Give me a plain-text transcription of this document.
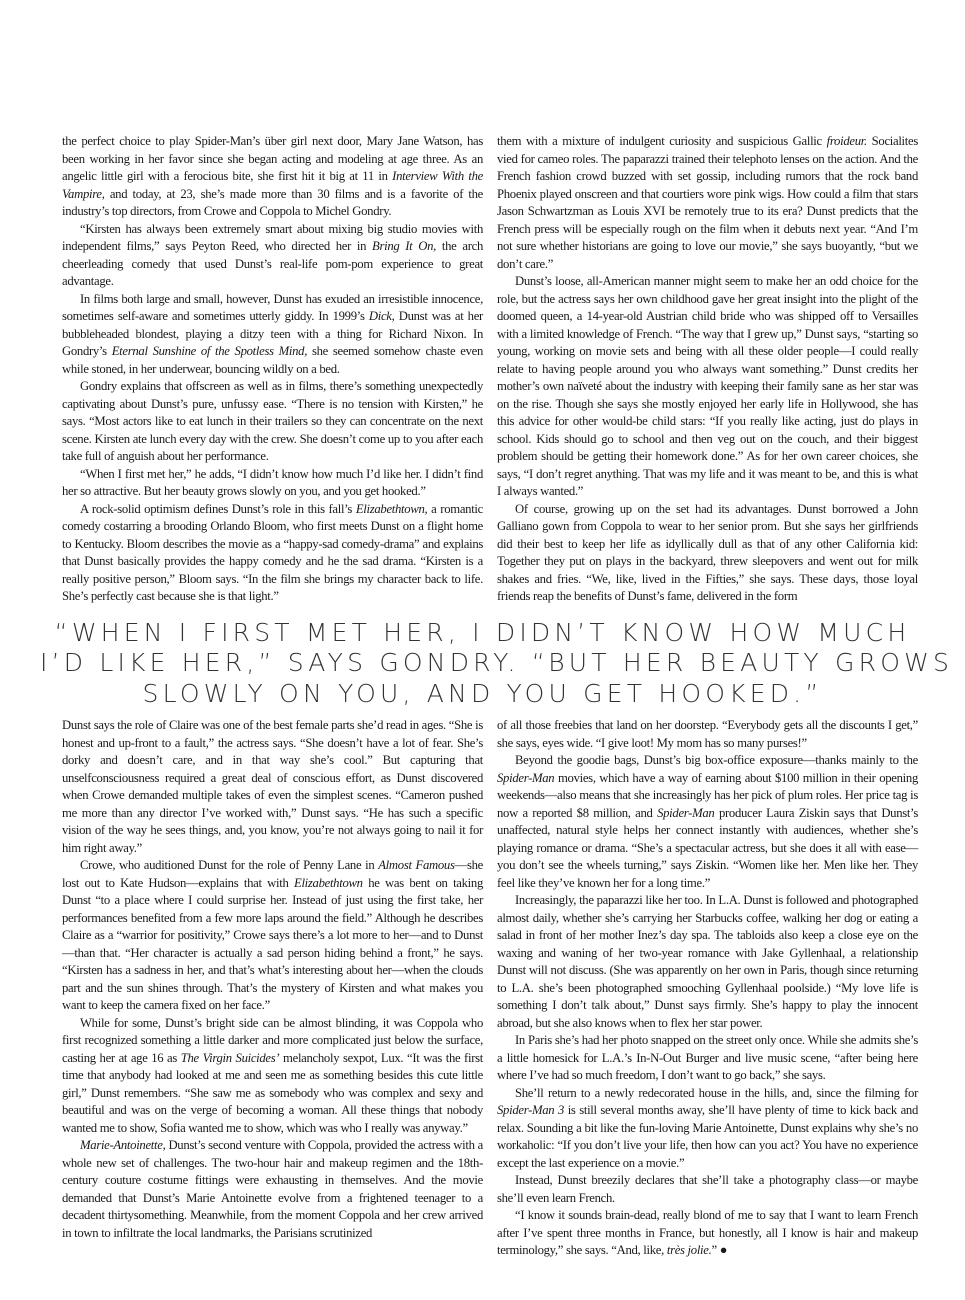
the perfect choice to play Spider-Man’s über girl next door, Mary Jane Watson, has been working in her favor since she began acting and modeling at age three. As an angelic little girl with a ferocious bite, she first hit it big at 11 in Interview With the Vampire, and today, at 23, she’s made more than 30 films and is a favorite of the industry’s top directors, from Crowe and Coppola to Michel Gondry.

“Kirsten has always been extremely smart about mixing big studio movies with independent films,” says Peyton Reed, who directed her in Bring It On, the arch cheerleading comedy that used Dunst’s real-life pom-pom experience to great advantage.

In films both large and small, however, Dunst has exuded an irresistible innocence, sometimes self-aware and sometimes utterly giddy. In 1999’s Dick, Dunst was at her bubbleheaded blondest, playing a ditzy teen with a thing for Richard Nixon. In Gondry’s Eternal Sunshine of the Spotless Mind, she seemed somehow chaste even while stoned, in her underwear, bouncing wildly on a bed.

Gondry explains that offscreen as well as in films, there’s something unexpectedly captivating about Dunst’s pure, unfussy ease. “There is no tension with Kirsten,” he says. “Most actors like to eat lunch in their trailers so they can concentrate on the next scene. Kirsten ate lunch every day with the crew. She doesn’t come up to you after each take full of anguish about her performance.

“When I first met her,” he adds, “I didn’t know how much I’d like her. I didn’t find her so attractive. But her beauty grows slowly on you, and you get hooked.”

A rock-solid optimism defines Dunst’s role in this fall’s Elizabethtown, a romantic comedy costarring a brooding Orlando Bloom, who first meets Dunst on a flight home to Kentucky. Bloom describes the movie as a “happy-sad comedy-drama” and explains that Dunst basically provides the happy comedy and he the sad drama. “Kirsten is a really positive person,” Bloom says. “In the film she brings my character back to life. She’s perfectly cast because she is that light.”

them with a mixture of indulgent curiosity and suspicious Gallic froideur. Socialites vied for cameo roles. The paparazzi trained their telephoto lenses on the action. And the French fashion crowd buzzed with set gossip, including rumors that the rock band Phoenix played onscreen and that courtiers wore pink wigs. How could a film that stars Jason Schwartzman as Louis XVI be remotely true to its era? Dunst predicts that the French press will be especially rough on the film when it debuts next year. “And I’m not sure whether historians are going to love our movie,” she says buoyantly, “but we don’t care.”

Dunst’s loose, all-American manner might seem to make her an odd choice for the role, but the actress says her own childhood gave her great insight into the plight of the doomed queen, a 14-year-old Austrian child bride who was shipped off to Versailles with a limited knowledge of French. “The way that I grew up,” Dunst says, “starting so young, working on movie sets and being with all these older people—I could really relate to having people around you who always want something.” Dunst credits her mother’s own naïveté about the industry with keeping their family sane as her star was on the rise. Though she says she mostly enjoyed her early life in Hollywood, she has this advice for other would-be child stars: “If you really like acting, just do plays in school. Kids should go to school and then veg out on the couch, and their biggest problem should be getting their homework done.” As for her own career choices, she says, “I don’t regret anything. That was my life and it was meant to be, and this is what I always wanted.”

Of course, growing up on the set had its advantages. Dunst borrowed a John Galliano gown from Coppola to wear to her senior prom. But she says her girlfriends did their best to keep her life as idyllically dull as that of any other California kid: Together they put on plays in the backyard, threw sleepovers and went out for milk shakes and fries. “We, like, lived in the Fifties,” she says. These days, those loyal friends reap the benefits of Dunst’s fame, delivered in the form

“WHEN I FIRST MET HER, I DIDN’T KNOW HOW MUCH
I’D LIKE HER,” SAYS GONDRY. “BUT HER BEAUTY GROWS
SLOWLY ON YOU, AND YOU GET HOOKED.”

Dunst says the role of Claire was one of the best female parts she’d read in ages. “She is honest and up-front to a fault,” the actress says. “She doesn’t have a lot of fear. She’s dorky and doesn’t care, and in that way she’s cool.” But capturing that unselfconsciousness required a great deal of conscious effort, as Dunst discovered when Crowe demanded multiple takes of even the simplest scenes. “Cameron pushed me more than any director I’ve worked with,” Dunst says. “He has such a specific vision of the way he sees things, and, you know, you’re not always going to nail it for him right away.”

Crowe, who auditioned Dunst for the role of Penny Lane in Almost Famous—she lost out to Kate Hudson—explains that with Elizabethtown he was bent on taking Dunst “to a place where I could surprise her. Instead of just using the first take, her performances benefited from a few more laps around the field.” Although he describes Claire as a “warrior for positivity,” Crowe says there’s a lot more to her—and to Dunst—than that. “Her character is actually a sad person hiding behind a front,” he says. “Kirsten has a sadness in her, and that’s what’s interesting about her—when the clouds part and the sun shines through. That’s the mystery of Kirsten and what makes you want to keep the camera fixed on her face.”

While for some, Dunst’s bright side can be almost blinding, it was Coppola who first recognized something a little darker and more complicated just below the surface, casting her at age 16 as The Virgin Suicides’ melancholy sexpot, Lux. “It was the first time that anybody had looked at me and seen me as something besides this cute little girl,” Dunst remembers. “She saw me as somebody who was complex and sexy and beautiful and was on the verge of becoming a woman. All these things that nobody wanted me to show, Sofia wanted me to show, which was who I really was anyway.”

Marie-Antoinette, Dunst’s second venture with Coppola, provided the actress with a whole new set of challenges. The two-hour hair and makeup regimen and the 18th-century couture costume fittings were exhausting in themselves. And the movie demanded that Dunst’s Marie Antoinette evolve from a frightened teenager to a decadent thirtysomething. Meanwhile, from the moment Coppola and her crew arrived in town to infiltrate the local landmarks, the Parisians scrutinized

of all those freebies that land on her doorstep. “Everybody gets all the discounts I get,” she says, eyes wide. “I give loot! My mom has so many purses!”

Beyond the goodie bags, Dunst’s big box-office exposure—thanks mainly to the Spider-Man movies, which have a way of earning about $100 million in their opening weekends—also means that she increasingly has her pick of plum roles. Her price tag is now a reported $8 million, and Spider-Man producer Laura Ziskin says that Dunst’s unaffected, natural style helps her connect instantly with audiences, whether she’s playing romance or drama. “She’s a spectacular actress, but she does it all with ease—you don’t see the wheels turning,” says Ziskin. “Women like her. Men like her. They feel like they’ve known her for a long time.”

Increasingly, the paparazzi like her too. In L.A. Dunst is followed and photographed almost daily, whether she’s carrying her Starbucks coffee, walking her dog or eating a salad in front of her mother Inez’s day spa. The tabloids also keep a close eye on the waxing and waning of her two-year romance with Jake Gyllenhaal, a relationship Dunst will not discuss. (She was apparently on her own in Paris, though since returning to L.A. she’s been photographed smooching Gyllenhaal poolside.) “My love life is something I don’t talk about,” Dunst says firmly. She’s happy to play the innocent abroad, but she also knows when to flex her star power.

In Paris she’s had her photo snapped on the street only once. While she admits she’s a little homesick for L.A.’s In-N-Out Burger and live music scene, “after being here where I’ve had so much freedom, I don’t want to go back,” she says.

She’ll return to a newly redecorated house in the hills, and, since the filming for Spider-Man 3 is still several months away, she’ll have plenty of time to kick back and relax. Sounding a bit like the fun-loving Marie Antoinette, Dunst explains why she’s no workaholic: “If you don’t live your life, then how can you act? You have no experience except the last experience on a movie.”

Instead, Dunst breezily declares that she’ll take a photography class—or maybe she’ll even learn French.

“I know it sounds brain-dead, really blond of me to say that I want to learn French after I’ve spent three months in France, but honestly, all I know is hair and makeup terminology,” she says. “And, like, très jolie.” ●
